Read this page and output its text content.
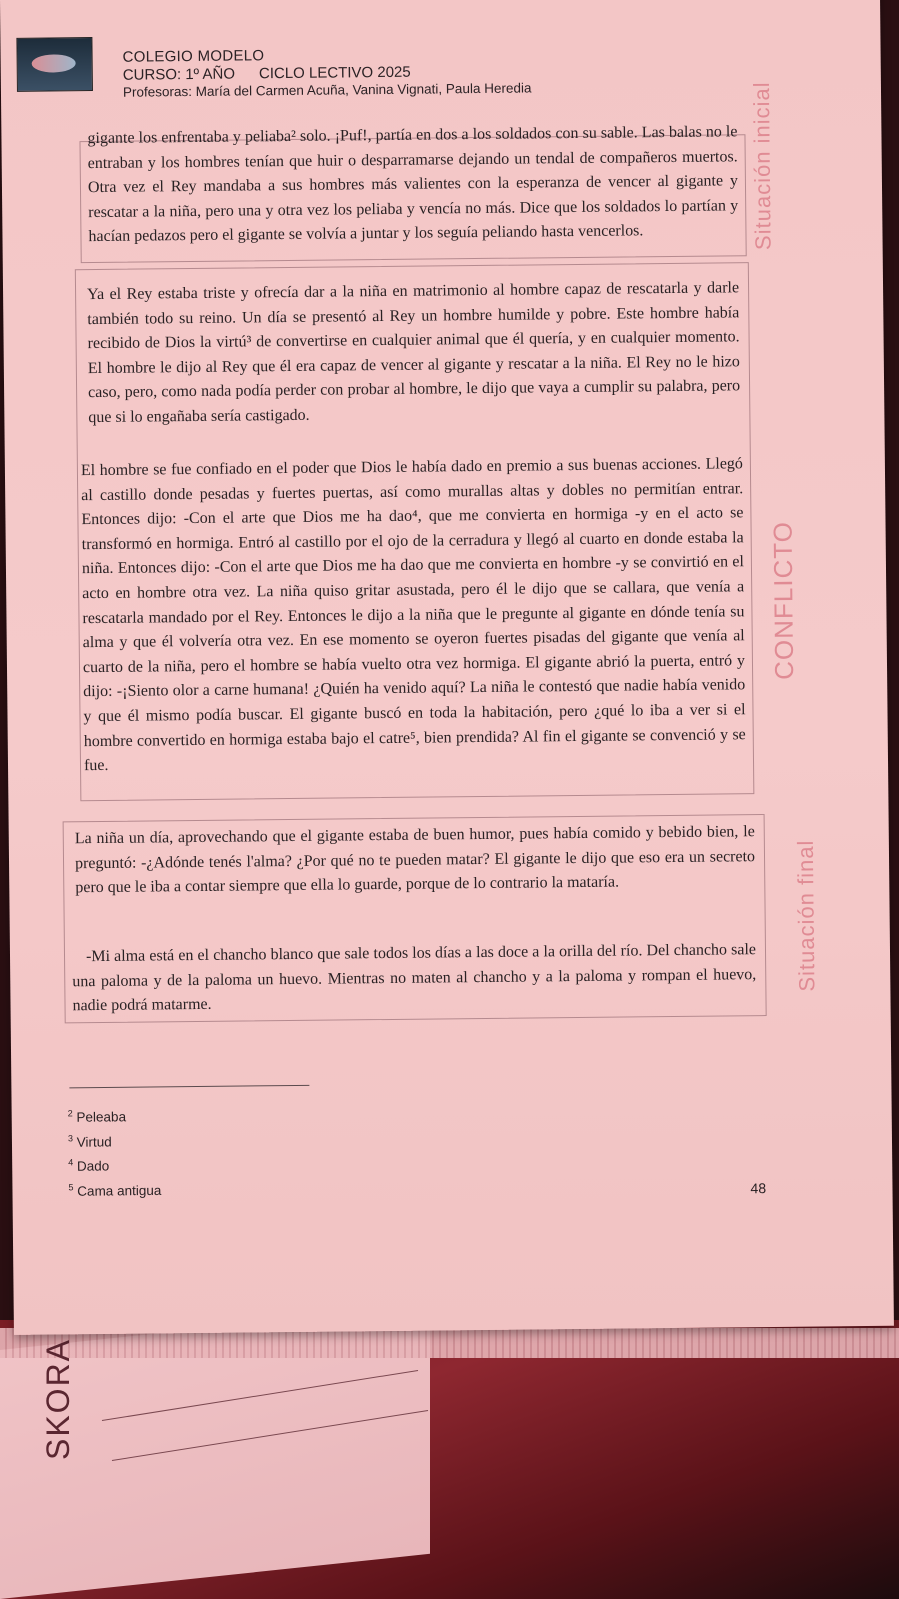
SKORA
COLEGIO MODELO
CURSO: 1º AÑO CICLO LECTIVO 2025
Profesoras: María del Carmen Acuña, Vanina Vignati, Paula Heredia

gigante los enfrentaba y peliaba² solo. ¡Puf!, partía en dos a los soldados con su sable. Las balas no le entraban y los hombres tenían que huir o desparramarse dejando un tendal de compañeros muertos. Otra vez el Rey mandaba a sus hombres más valientes con la esperanza de vencer al gigante y rescatar a la niña, pero una y otra vez los peliaba y vencía no más. Dice que los soldados lo partían y hacían pedazos pero el gigante se volvía a juntar y los seguía peliando hasta vencerlos.

Ya el Rey estaba triste y ofrecía dar a la niña en matrimonio al hombre capaz de rescatarla y darle también todo su reino. Un día se presentó al Rey un hombre humilde y pobre. Este hombre había recibido de Dios la virtú³ de convertirse en cualquier animal que él quería, y en cualquier momento. El hombre le dijo al Rey que él era capaz de vencer al gigante y rescatar a la niña. El Rey no le hizo caso, pero, como nada podía perder con probar al hombre, le dijo que vaya a cumplir su palabra, pero que si lo engañaba sería castigado.

El hombre se fue confiado en el poder que Dios le había dado en premio a sus buenas acciones. Llegó al castillo donde pesadas y fuertes puertas, así como murallas altas y dobles no permitían entrar. Entonces dijo: -Con el arte que Dios me ha dao⁴, que me convierta en hormiga -y en el acto se transformó en hormiga. Entró al castillo por el ojo de la cerradura y llegó al cuarto en donde estaba la niña. Entonces dijo: -Con el arte que Dios me ha dao que me convierta en hombre -y se convirtió en el acto en hombre otra vez. La niña quiso gritar asustada, pero él le dijo que se callara, que venía a rescatarla mandado por el Rey. Entonces le dijo a la niña que le pregunte al gigante en dónde tenía su alma y que él volvería otra vez. En ese momento se oyeron fuertes pisadas del gigante que venía al cuarto de la niña, pero el hombre se había vuelto otra vez hormiga. El gigante abrió la puerta, entró y dijo: -¡Siento olor a carne humana! ¿Quién ha venido aquí? La niña le contestó que nadie había venido y que él mismo podía buscar. El gigante buscó en toda la habitación, pero ¿qué lo iba a ver si el hombre convertido en hormiga estaba bajo el catre⁵, bien prendida? Al fin el gigante se convenció y se fue.

La niña un día, aprovechando que el gigante estaba de buen humor, pues había comido y bebido bien, le preguntó: -¿Adónde tenés l'alma? ¿Por qué no te pueden matar? El gigante le dijo que eso era un secreto pero que le iba a contar siempre que ella lo guarde, porque de lo contrario la mataría.

-Mi alma está en el chancho blanco que sale todos los días a las doce a la orilla del río. Del chancho sale una paloma y de la paloma un huevo. Mientras no maten al chancho y a la paloma y rompan el huevo, nadie podrá matarme.

Situación inicial
CONFLICTO
Situación final
$^2$ Peleaba
$^3$ Virtud
$^4$ Dado
$^5$ Cama antigua	48
